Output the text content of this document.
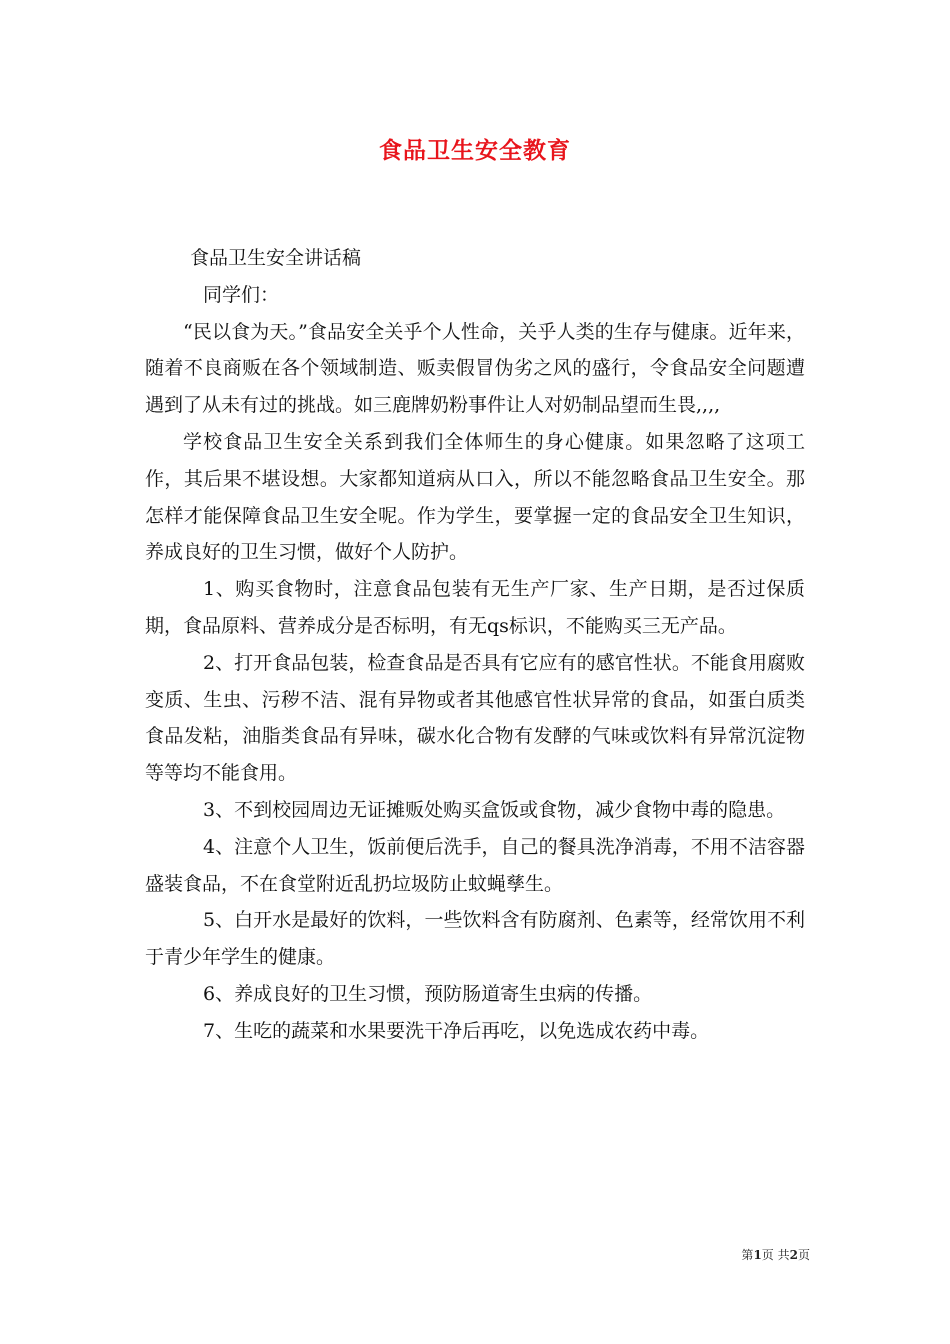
食品卫生安全教育

食品卫生安全讲话稿

同学们：

“民以食为天。”食品安全关乎个人性命，关乎人类的生存与健康。近年来，随着不良商贩在各个领域制造、贩卖假冒伪劣之风的盛行，令食品安全问题遭遇到了从未有过的挑战。如三鹿牌奶粉事件让人对奶制品望而生畏,,,,

学校食品卫生安全关系到我们全体师生的身心健康。如果忽略了这项工作，其后果不堪设想。大家都知道病从口入，所以不能忽略食品卫生安全。那怎样才能保障食品卫生安全呢。作为学生，要掌握一定的食品安全卫生知识，养成良好的卫生习惯，做好个人防护。

1、购买食物时，注意食品包装有无生产厂家、生产日期，是否过保质期，食品原料、营养成分是否标明，有无qs标识，不能购买三无产品。

2、打开食品包装，检查食品是否具有它应有的感官性状。不能食用腐败变质、生虫、污秽不洁、混有异物或者其他感官性状异常的食品，如蛋白质类食品发粘，油脂类食品有异味，碳水化合物有发酵的气味或饮料有异常沉淀物等等均不能食用。

3、不到校园周边无证摊贩处购买盒饭或食物，减少食物中毒的隐患。

4、注意个人卫生，饭前便后洗手，自己的餐具洗净消毒，不用不洁容器盛装食品，不在食堂附近乱扔垃圾防止蚊蝇孳生。

5、白开水是最好的饮料，一些饮料含有防腐剂、色素等，经常饮用不利于青少年学生的健康。

6、养成良好的卫生习惯，预防肠道寄生虫病的传播。

7、生吃的蔬菜和水果要洗干净后再吃，以免选成农药中毒。

第1页 共2页
